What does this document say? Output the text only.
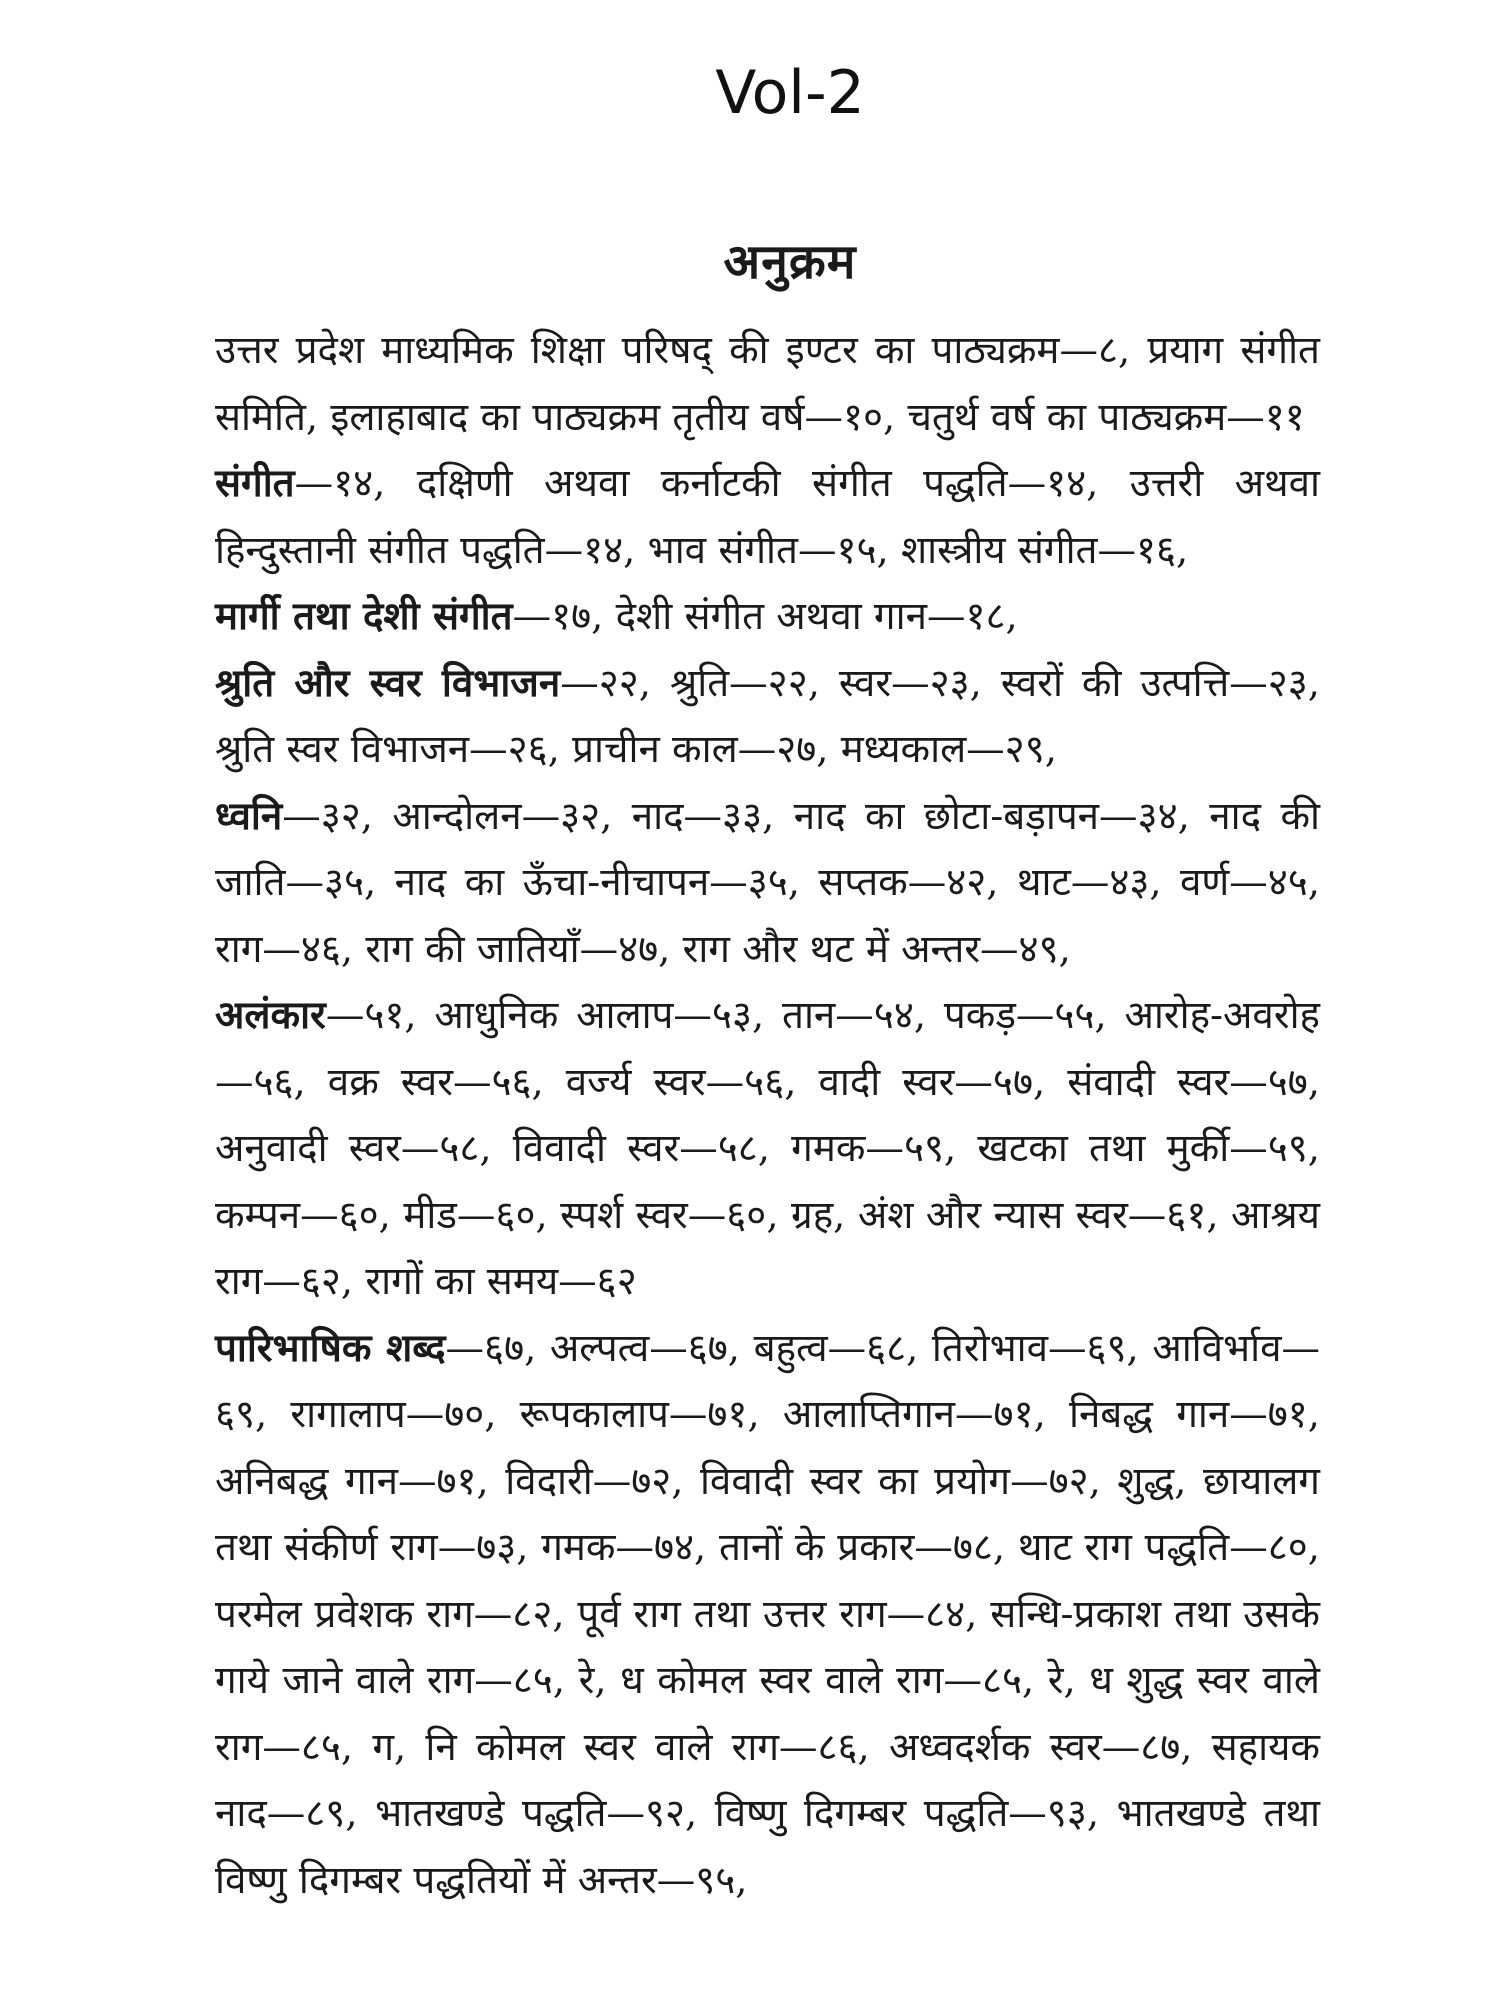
Vol-2
अनुक्रम

उत्तर प्रदेश माध्यमिक शिक्षा परिषद् की इण्टर का पाठ्यक्रम—८, प्रयाग संगीत समिति, इलाहाबाद का पाठ्यक्रम तृतीय वर्ष—१०, चतुर्थ वर्ष का पाठ्यक्रम—११

संगीत—१४, दक्षिणी अथवा कर्नाटकी संगीत पद्धति—१४, उत्तरी अथवा हिन्दुस्तानी संगीत पद्धति—१४, भाव संगीत—१५, शास्त्रीय संगीत—१६,

मार्गी तथा देशी संगीत—१७, देशी संगीत अथवा गान—१८,

श्रुति और स्वर विभाजन—२२, श्रुति—२२, स्वर—२३, स्वरों की उत्पत्ति—२३, श्रुति स्वर विभाजन—२६, प्राचीन काल—२७, मध्यकाल—२९,

ध्वनि—३२, आन्दोलन—३२, नाद—३३, नाद का छोटा-बड़ापन—३४, नाद की जाति—३५, नाद का ऊँचा-नीचापन—३५, सप्तक—४२, थाट—४३, वर्ण—४५, राग—४६, राग की जातियाँ—४७, राग और थट में अन्तर—४९,

अलंकार—५१, आधुनिक आलाप—५३, तान—५४, पकड़—५५, आरोह-अवरोह—५६, वक्र स्वर—५६, वर्ज्य स्वर—५६, वादी स्वर—५७, संवादी स्वर—५७, अनुवादी स्वर—५८, विवादी स्वर—५८, गमक—५९, खटका तथा मुर्की—५९, कम्पन—६०, मीड—६०, स्पर्श स्वर—६०, ग्रह, अंश और न्यास स्वर—६१, आश्रय राग—६२, रागों का समय—६२

पारिभाषिक शब्द—६७, अल्पत्व—६७, बहुत्व—६८, तिरोभाव—६९, आविर्भाव—६९, रागालाप—७०, रूपकालाप—७१, आलाप्तिगान—७१, निबद्ध गान—७१, अनिबद्ध गान—७१, विदारी—७२, विवादी स्वर का प्रयोग—७२, शुद्ध, छायालग तथा संकीर्ण राग—७३, गमक—७४, तानों के प्रकार—७८, थाट राग पद्धति—८०, परमेल प्रवेशक राग—८२, पूर्व राग तथा उत्तर राग—८४, सन्धि-प्रकाश तथा उसके गाये जाने वाले राग—८५, रे, ध कोमल स्वर वाले राग—८५, रे, ध शुद्ध स्वर वाले राग—८५, ग, नि कोमल स्वर वाले राग—८६, अध्वदर्शक स्वर—८७, सहायक नाद—८९, भातखण्डे पद्धति—९२, विष्णु दिगम्बर पद्धति—९३, भातखण्डे तथा विष्णु दिगम्बर पद्धतियों में अन्तर—९५,
